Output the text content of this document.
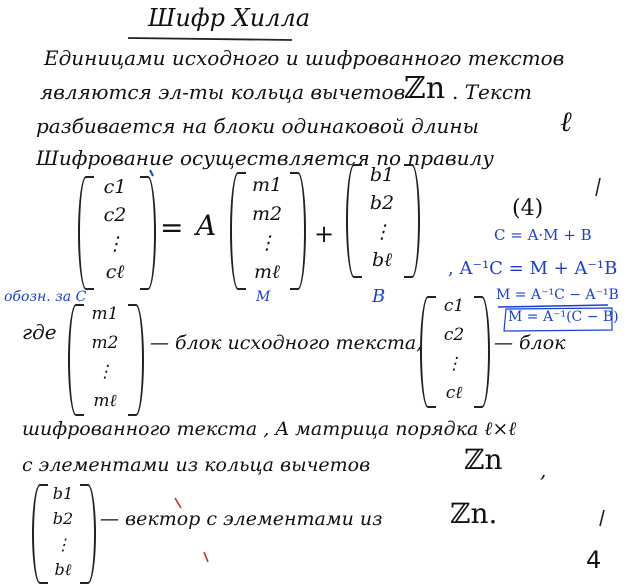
Шифр Хилла
Единицами исходного и шифрованного текстов
являются эл-ты кольца вычетов
ℤn . Текст
разбивается на блоки одинаковой длины	ℓ
Шифрование осуществляется по правилу
c1
c2
⋮
cℓ
= A
m1
m2
⋮
mℓ
+
b1
b2
⋮
bℓ
(4)
C = A·M + B
, A⁻¹C = M + A⁻¹B
M = A⁻¹C − A⁻¹B
M = A⁻¹(C − B)
обозн. за C	M	B
где
m1
m2
⋮
mℓ
— блок исходного текста,
c1
c2
⋮
cℓ
— блок
шифрованного текста , A матрица порядка ℓ×ℓ
с элементами из кольца вычетов	ℤn ,
b1
b2
⋮
bℓ
— вектор с элементами из ℤn.
4
